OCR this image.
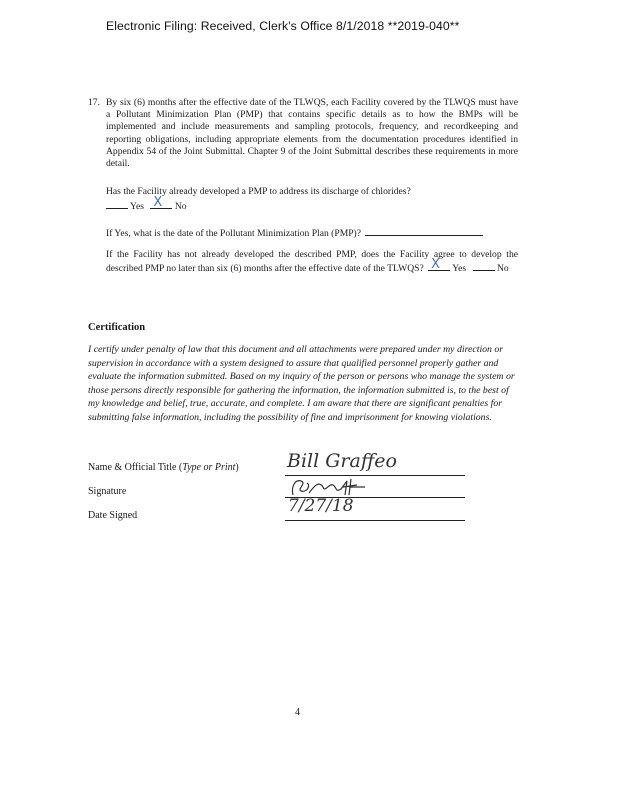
Electronic Filing: Received, Clerk's Office 8/1/2018 **2019-040**
17. By six (6) months after the effective date of the TLWQS, each Facility covered by the TLWQS must have a Pollutant Minimization Plan (PMP) that contains specific details as to how the BMPs will be implemented and include measurements and sampling protocols, frequency, and recordkeeping and reporting obligations, including appropriate elements from the documentation procedures identified in Appendix 54 of the Joint Submittal. Chapter 9 of the Joint Submittal describes these requirements in more detail.
Has the Facility already developed a PMP to address its discharge of chlorides?
Yes X No
If Yes, what is the date of the Pollutant Minimization Plan (PMP)?
If the Facility has not already developed the described PMP, does the Facility agree to develop the described PMP no later than six (6) months after the effective date of the TLWQS? X Yes	No
Certification
I certify under penalty of law that this document and all attachments were prepared under my direction or supervision in accordance with a system designed to assure that qualified personnel properly gather and evaluate the information submitted. Based on my inquiry of the person or persons who manage the system or those persons directly responsible for gathering the information, the information submitted is, to the best of my knowledge and belief, true, accurate, and complete. I am aware that there are significant penalties for submitting false information, including the possibility of fine and imprisonment for knowing violations.
Name & Official Title (Type or Print)	Bill Graffeo
Signature
Date Signed	7/27/18
4
